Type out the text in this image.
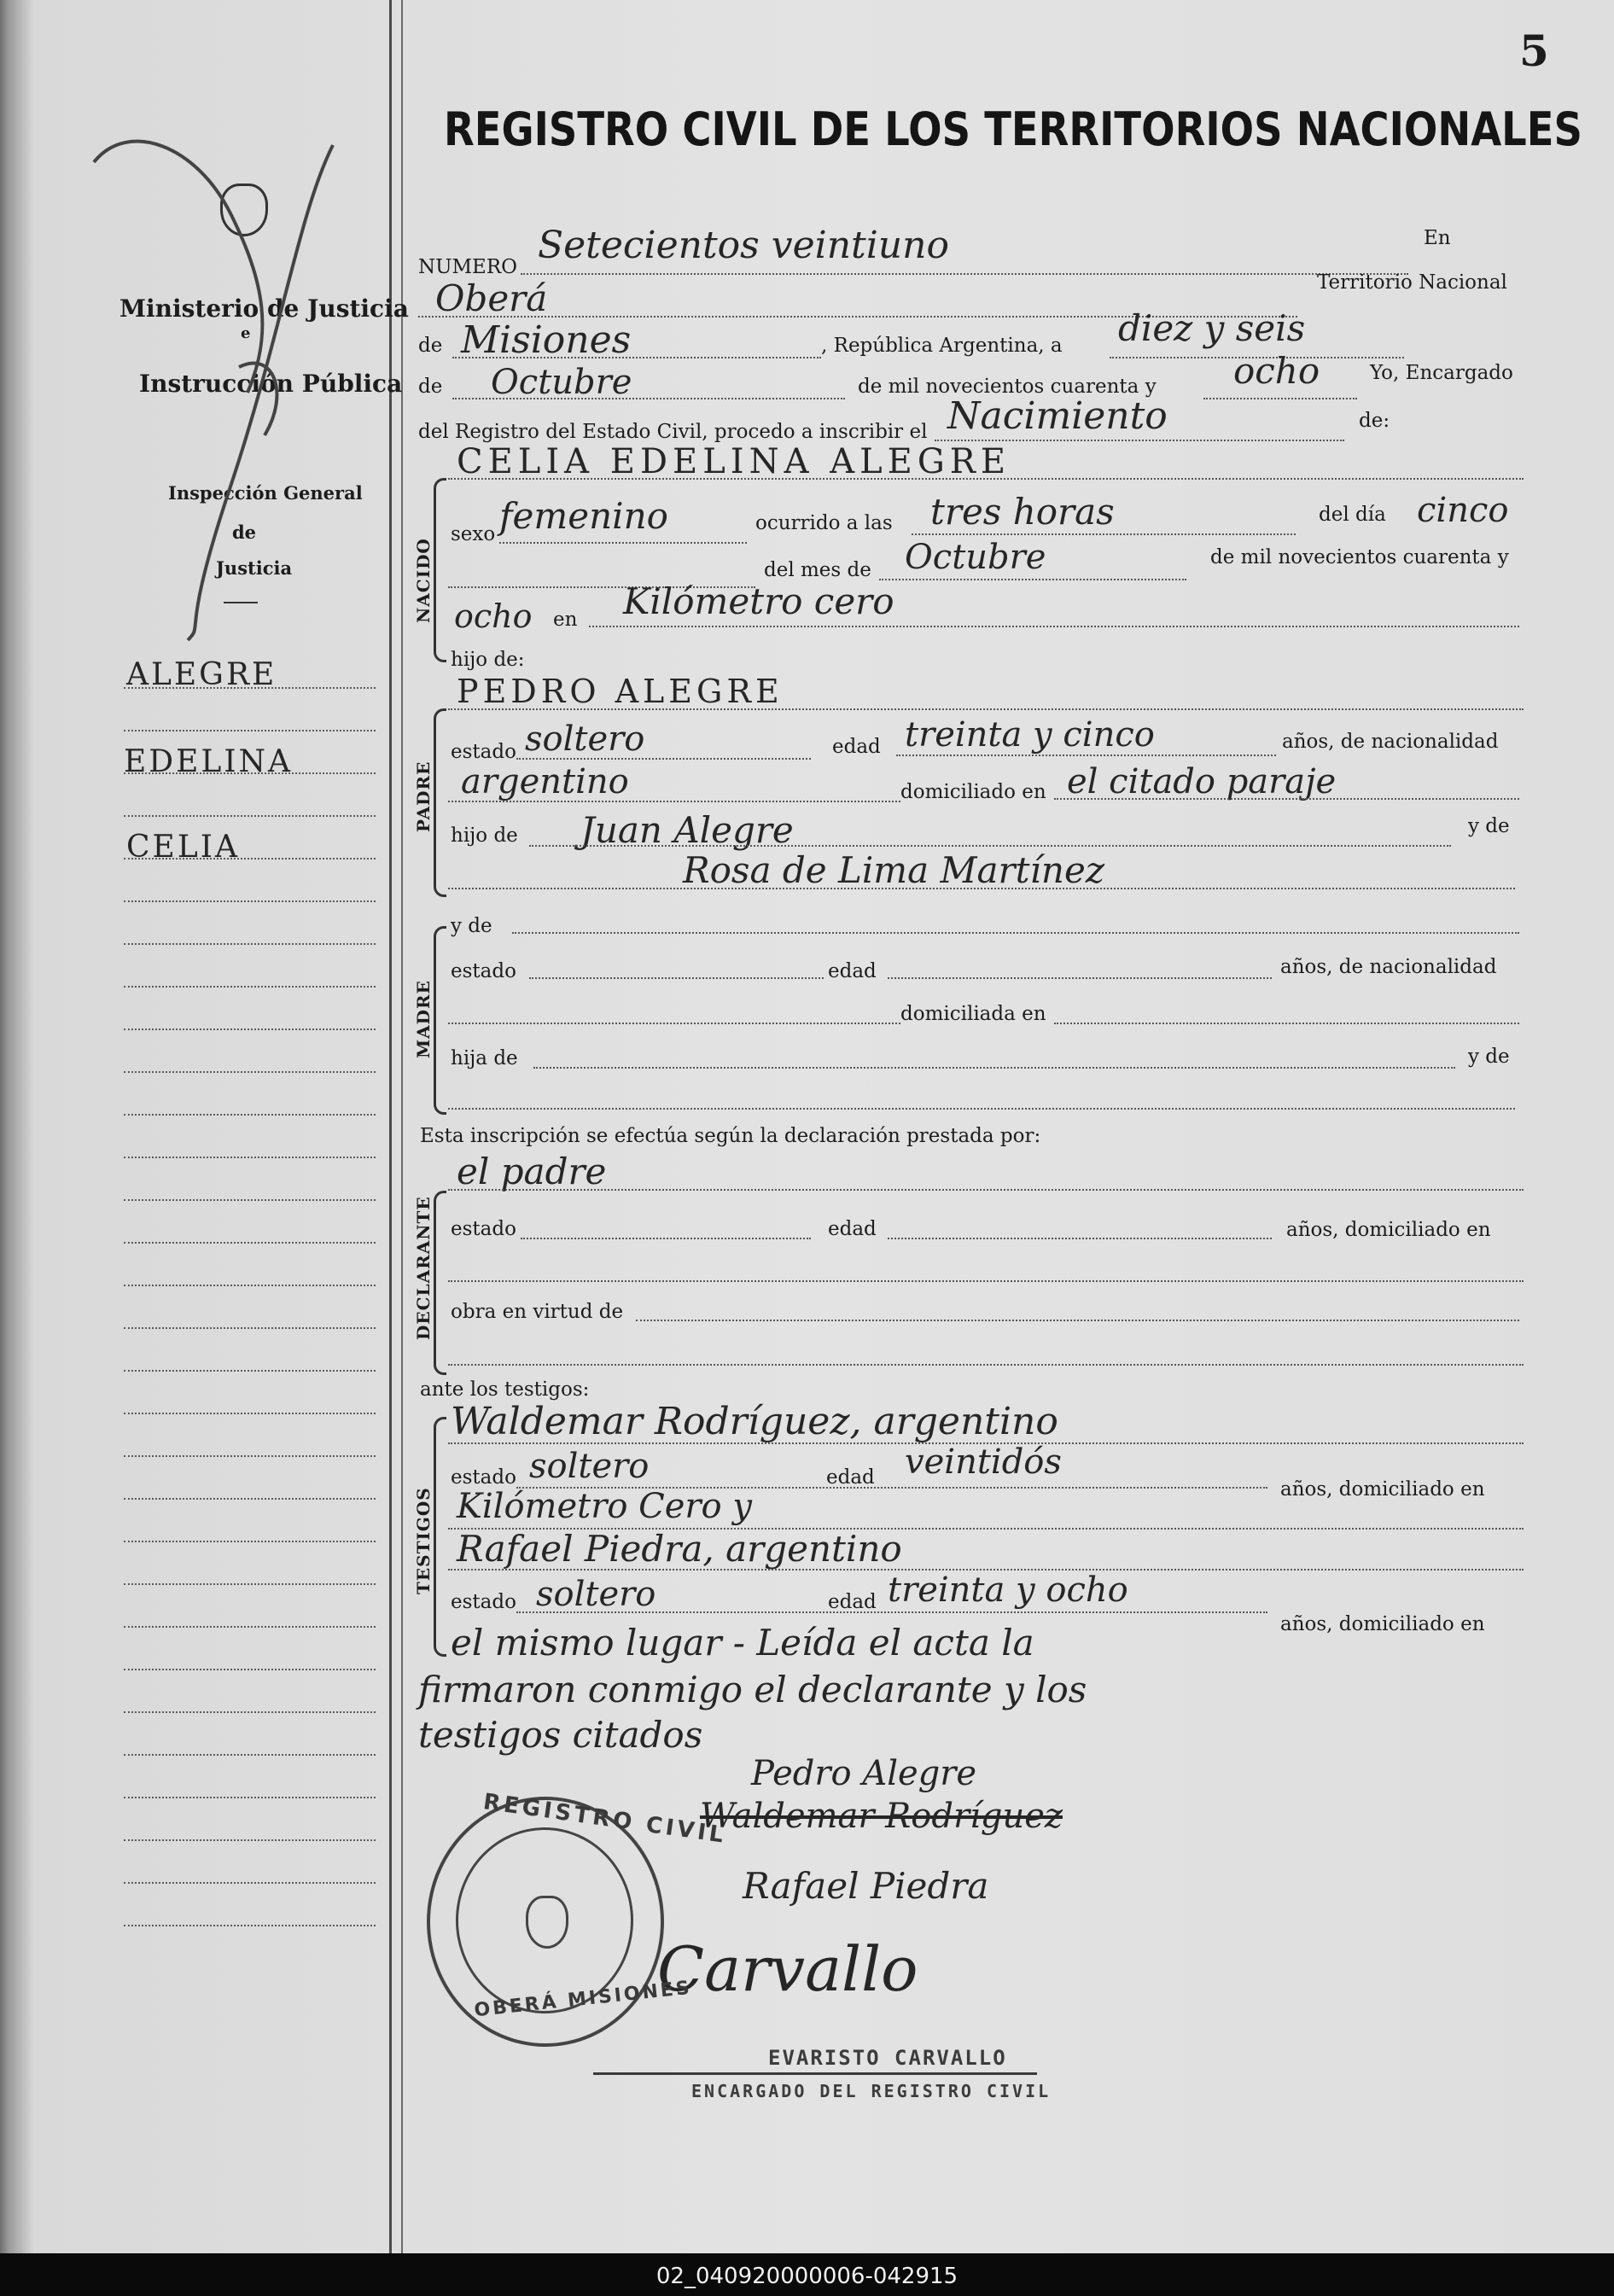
5
REGISTRO CIVIL DE LOS TERRITORIOS NACIONALES
Ministerio de Justicia
e
Instrucción Pública
Inspección General
de
Justicia
ALEGRE
EDELINA
CELIA
NUMERO Setecientos veintiuno	En
Oberá	Territorio Nacional
de Misiones	, República Argentina, a diez y seis
de Octubre	de mil novecientos cuarenta y ocho	Yo, Encargado
del Registro del Estado Civil, procedo a inscribir el Nacimiento	de:
NACIDO
CELIA EDELINA ALEGRE
sexo femenino	ocurrido a las tres horas	del día cinco
del mes de Octubre	de mil novecientos cuarenta y
ocho en Kilómetro cero
hijo de:
PADRE
PEDRO ALEGRE
estado soltero	edad treinta y cinco	años, de nacionalidad
argentino	domiciliado en el citado paraje
hijo de Juan Alegre	y de
Rosa de Lima Martínez
MADRE
y de
estado	edad	años, de nacionalidad
domiciliada en
hija de	y de
Esta inscripción se efectúa según la declaración prestada por:
DECLARANTE
el padre
estado	edad	años, domiciliado en
obra en virtud de
ante los testigos:
TESTIGOS
Waldemar Rodríguez, argentino
estado soltero	edad veintidós
años, domiciliado en
Kilómetro Cero y
Rafael Piedra, argentino
estado soltero	edad treinta y ocho
años, domiciliado en
el mismo lugar - Leída el acta la
firmaron conmigo el declarante y los
testigos citados
Pedro Alegre
Waldemar Rodríguez
Rafael Piedra
Carvallo
REGISTRO CIVIL
OBERÁ MISIONES
EVARISTO CARVALLO
ENCARGADO DEL REGISTRO CIVIL
02_040920000006-042915
